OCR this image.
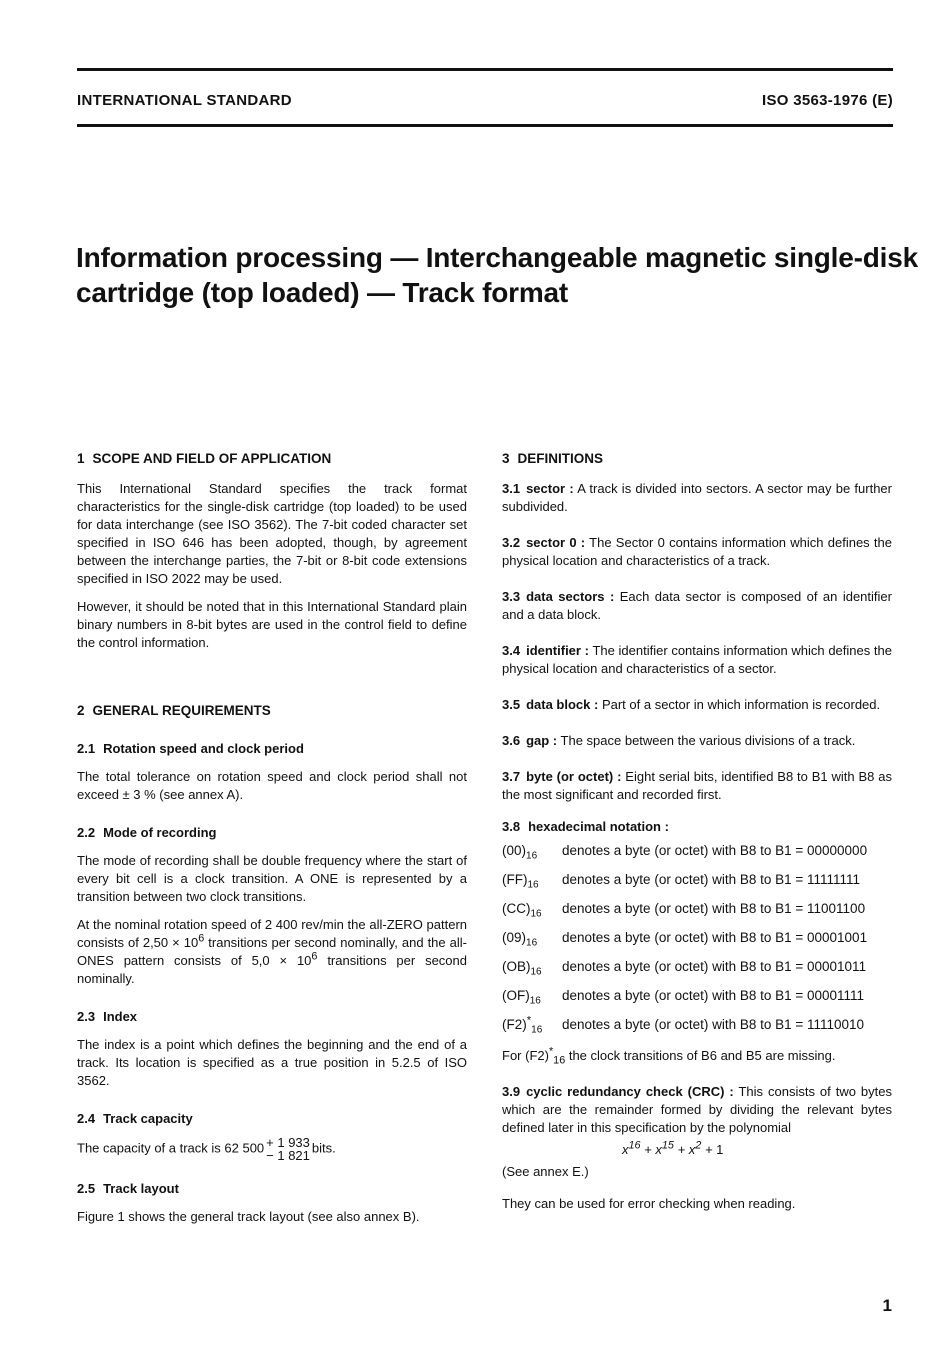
INTERNATIONAL STANDARD	ISO 3563-1976 (E)
Information processing — Interchangeable magnetic single-disk
cartridge (top loaded) — Track format

1 SCOPE AND FIELD OF APPLICATION

This International Standard specifies the track format characteristics for the single-disk cartridge (top loaded) to be used for data interchange (see ISO 3562). The 7-bit coded character set specified in ISO 646 has been adopted, though, by agreement between the interchange parties, the 7-bit or 8-bit code extensions specified in ISO 2022 may be used.

However, it should be noted that in this International Standard plain binary numbers in 8-bit bytes are used in the control field to define the control information.

2 GENERAL REQUIREMENTS

2.1 Rotation speed and clock period

The total tolerance on rotation speed and clock period shall not exceed ± 3 % (see annex A).

2.2 Mode of recording

The mode of recording shall be double frequency where the start of every bit cell is a clock transition. A ONE is represented by a transition between two clock transitions.

At the nominal rotation speed of 2 400 rev/min the all-ZERO pattern consists of $2,50 \times 10^6$ transitions per second nominally, and the all-ONES pattern consists of $5,0 \times 10^6$ transitions per second nominally.

2.3 Index

The index is a point which defines the beginning and the end of a track. Its location is specified as a true position in 5.2.5 of ISO 3562.

2.4 Track capacity

The capacity of a track is 62 500 + 1 933
− 1 821
bits.

2.5 Track layout

Figure 1 shows the general track layout (see also annex B).

3 DEFINITIONS

3.1 sector : A track is divided into sectors. A sector may be further subdivided.

3.2 sector 0 : The Sector 0 contains information which defines the physical location and characteristics of a track.

3.3 data sectors : Each data sector is composed of an identifier and a data block.

3.4 identifier : The identifier contains information which defines the physical location and characteristics of a sector.

3.5 data block : Part of a sector in which information is recorded.

3.6 gap : The space between the various divisions of a track.

3.7 byte (or octet) : Eight serial bits, identified B8 to B1 with B8 as the most significant and recorded first.

3.8 hexadecimal notation :

$(00)_{16}$	denotes a byte (or octet) with B8 to B1 = 00000000
$(FF)_{16}$	denotes a byte (or octet) with B8 to B1 = 11111111
$(CC)_{16}$	denotes a byte (or octet) with B8 to B1 = 11001100
$(09)_{16}$	denotes a byte (or octet) with B8 to B1 = 00001001
$(OB)_{16}$	denotes a byte (or octet) with B8 to B1 = 00001011
$(OF)_{16}$	denotes a byte (or octet) with B8 to B1 = 00001111
$(F2)^*_{16}$	denotes a byte (or octet) with B8 to B1 = 11110010

For $(F2)^*_{16}$ the clock transitions of B6 and B5 are missing.

3.9 cyclic redundancy check (CRC) : This consists of two bytes which are the remainder formed by dividing the relevant bytes defined later in this specification by the polynomial

$x^{16} + x^{15} + x^2 + 1$

(See annex E.)

They can be used for error checking when reading.

1
